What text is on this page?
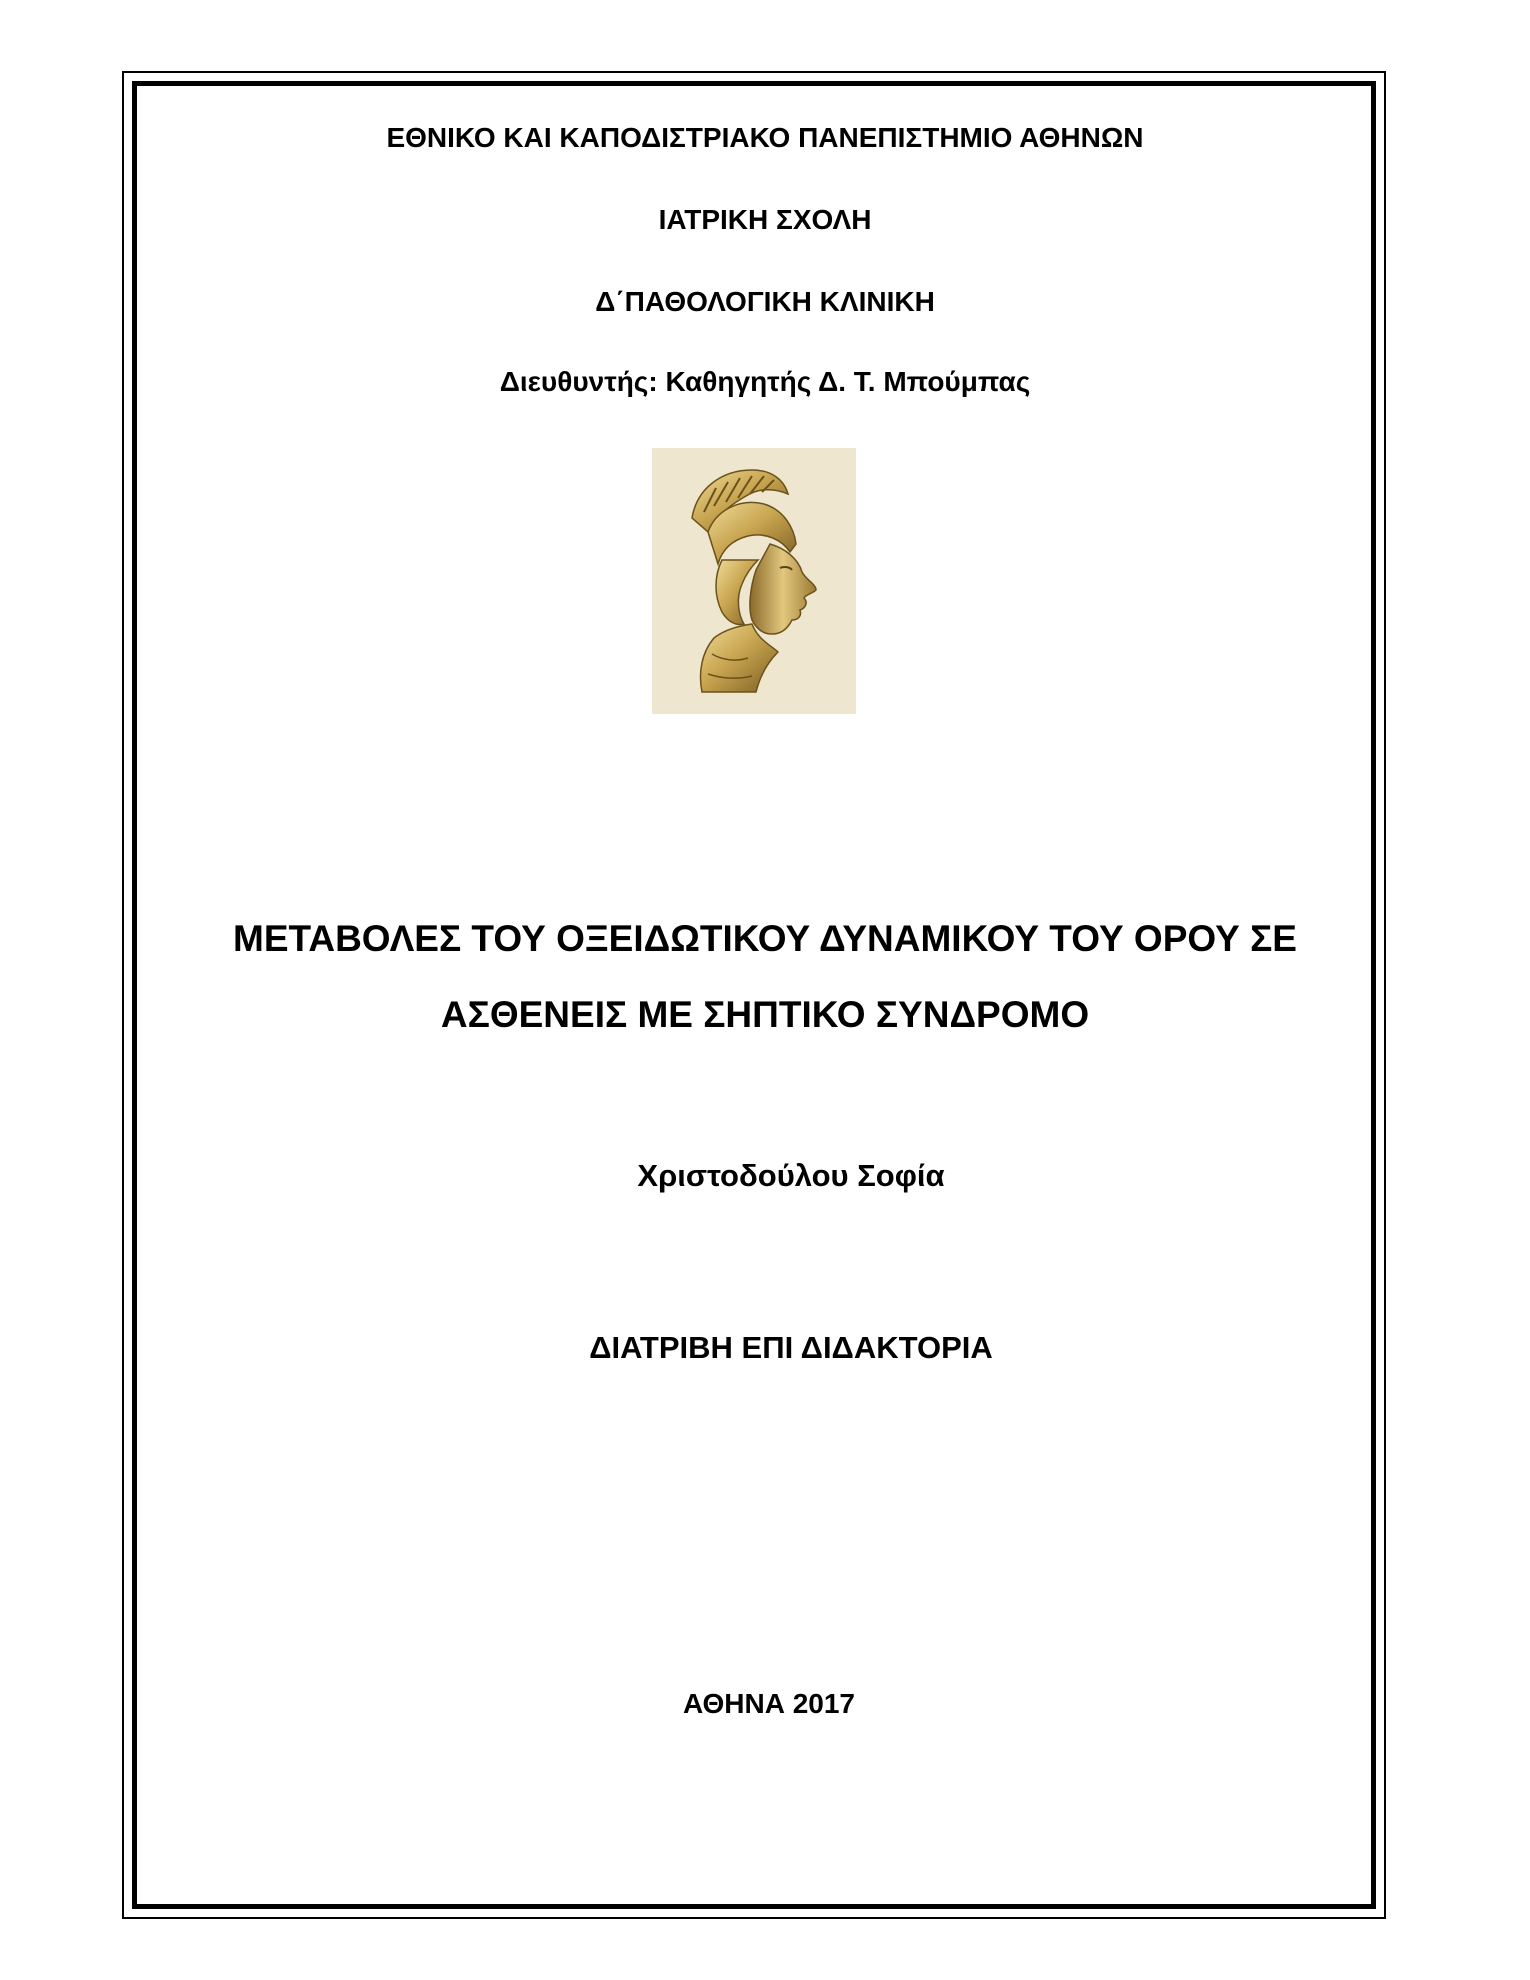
ΕΘΝΙΚΟ ΚΑΙ ΚΑΠΟΔΙΣΤΡΙΑΚΟ ΠΑΝΕΠΙΣΤΗΜΙΟ ΑΘΗΝΩΝ
ΙΑΤΡΙΚΗ ΣΧΟΛΗ
Δ΄ΠΑΘΟΛΟΓΙΚΗ ΚΛΙΝΙΚΗ
Διευθυντής: Καθηγητής Δ. Τ. Μπούμπας
ΜΕΤΑΒΟΛΕΣ ΤΟΥ ΟΞΕΙΔΩΤΙΚΟΥ ΔΥΝΑΜΙΚΟΥ ΤΟΥ ΟΡΟΥ ΣΕ
ΑΣΘΕΝΕΙΣ ΜΕ ΣΗΠΤΙΚΟ ΣΥΝΔΡΟΜΟ
Χριστοδούλου Σοφία
ΔΙΑΤΡΙΒΗ ΕΠΙ ΔΙΔΑΚΤΟΡΙΑ
ΑΘΗΝΑ 2017
